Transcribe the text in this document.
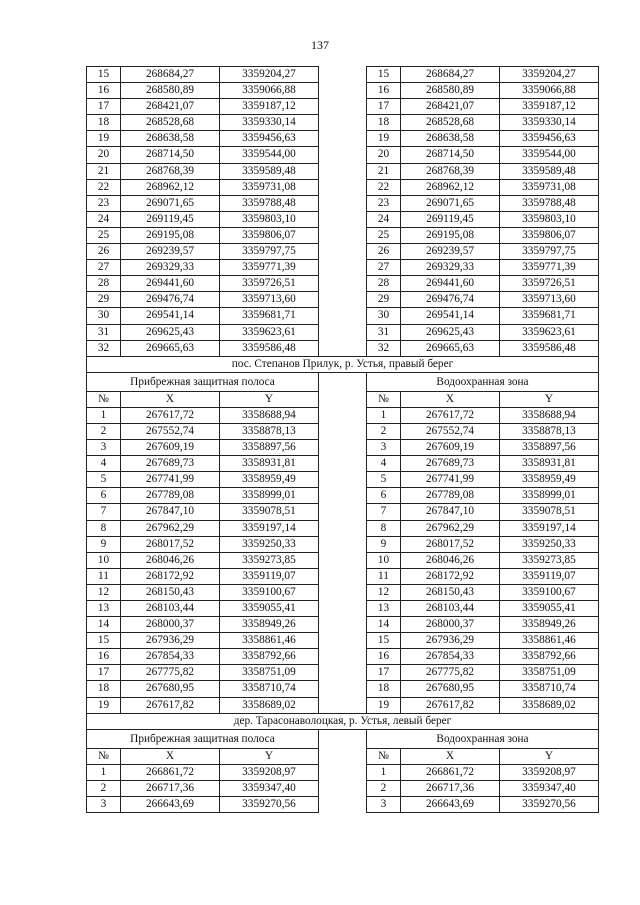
137
15	268684,27	3359204,27		15	268684,27	3359204,27
16	268580,89	3359066,88		16	268580,89	3359066,88
17	268421,07	3359187,12		17	268421,07	3359187,12
18	268528,68	3359330,14		18	268528,68	3359330,14
19	268638,58	3359456,63		19	268638,58	3359456,63
20	268714,50	3359544,00		20	268714,50	3359544,00
21	268768,39	3359589,48		21	268768,39	3359589,48
22	268962,12	3359731,08		22	268962,12	3359731,08
23	269071,65	3359788,48		23	269071,65	3359788,48
24	269119,45	3359803,10		24	269119,45	3359803,10
25	269195,08	3359806,07		25	269195,08	3359806,07
26	269239,57	3359797,75		26	269239,57	3359797,75
27	269329,33	3359771,39		27	269329,33	3359771,39
28	269441,60	3359726,51		28	269441,60	3359726,51
29	269476,74	3359713,60		29	269476,74	3359713,60
30	269541,14	3359681,71		30	269541,14	3359681,71
31	269625,43	3359623,61		31	269625,43	3359623,61
32	269665,63	3359586,48		32	269665,63	3359586,48
пос. Степанов Прилук, р. Устья, правый берег						
Прибрежная защитная полоса				Водоохранная зона		
№	X	Y		№	X	Y
1	267617,72	3358688,94		1	267617,72	3358688,94
2	267552,74	3358878,13		2	267552,74	3358878,13
3	267609,19	3358897,56		3	267609,19	3358897,56
4	267689,73	3358931,81		4	267689,73	3358931,81
5	267741,99	3358959,49		5	267741,99	3358959,49
6	267789,08	3358999,01		6	267789,08	3358999,01
7	267847,10	3359078,51		7	267847,10	3359078,51
8	267962,29	3359197,14		8	267962,29	3359197,14
9	268017,52	3359250,33		9	268017,52	3359250,33
10	268046,26	3359273,85		10	268046,26	3359273,85
11	268172,92	3359119,07		11	268172,92	3359119,07
12	268150,43	3359100,67		12	268150,43	3359100,67
13	268103,44	3359055,41		13	268103,44	3359055,41
14	268000,37	3358949,26		14	268000,37	3358949,26
15	267936,29	3358861,46		15	267936,29	3358861,46
16	267854,33	3358792,66		16	267854,33	3358792,66
17	267775,82	3358751,09		17	267775,82	3358751,09
18	267680,95	3358710,74		18	267680,95	3358710,74
19	267617,82	3358689,02		19	267617,82	3358689,02
дер. Тарасонаволоцкая, р. Устья, левый берег						
Прибрежная защитная полоса				Водоохранная зона		
№	X	Y		№	X	Y
1	266861,72	3359208,97		1	266861,72	3359208,97
2	266717,36	3359347,40		2	266717,36	3359347,40
3	266643,69	3359270,56		3	266643,69	3359270,56
